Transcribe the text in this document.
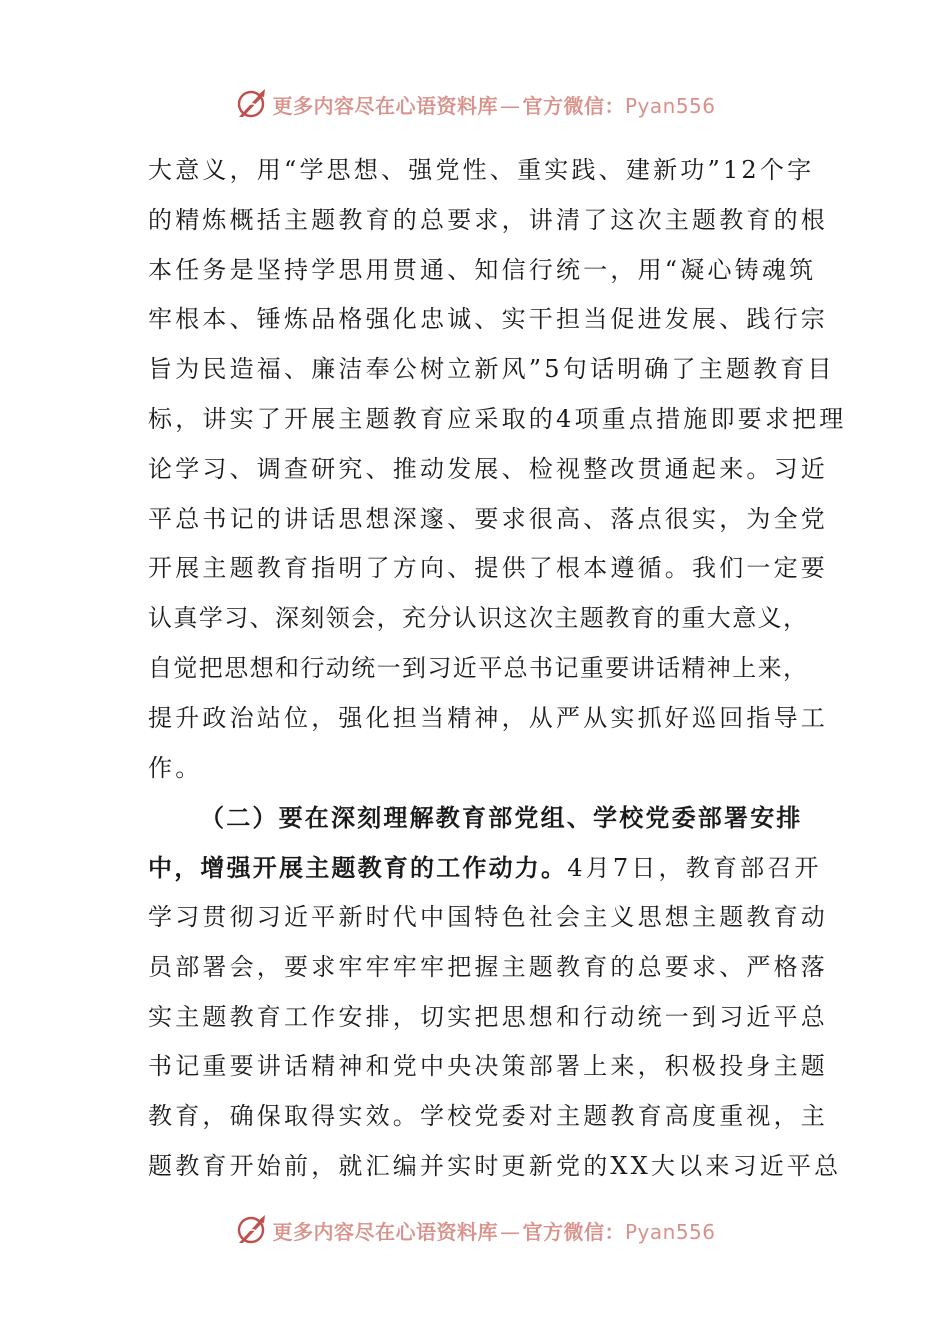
更多内容尽在心语资料库 — 官方微信：Pyan556
大意义，用“学思想、强党性、重实践、建新功”12个字
的精炼概括主题教育的总要求，讲清了这次主题教育的根
本任务是坚持学思用贯通、知信行统一，用“凝心铸魂筑
牢根本、锤炼品格强化忠诚、实干担当促进发展、践行宗
旨为民造福、廉洁奉公树立新风”5句话明确了主题教育目
标，讲实了开展主题教育应采取的4项重点措施即要求把理
论学习、调查研究、推动发展、检视整改贯通起来。习近
平总书记的讲话思想深邃、要求很高、落点很实，为全党
开展主题教育指明了方向、提供了根本遵循。我们一定要
认真学习、深刻领会，充分认识这次主题教育的重大意义，
自觉把思想和行动统一到习近平总书记重要讲话精神上来，
提升政治站位，强化担当精神，从严从实抓好巡回指导工
作。
（二）要在深刻理解教育部党组、学校党委部署安排
中，增强开展主题教育的工作动力。4月7日，教育部召开
学习贯彻习近平新时代中国特色社会主义思想主题教育动
员部署会，要求牢牢牢牢把握主题教育的总要求、严格落
实主题教育工作安排，切实把思想和行动统一到习近平总
书记重要讲话精神和党中央决策部署上来，积极投身主题
教育，确保取得实效。学校党委对主题教育高度重视，主
题教育开始前，就汇编并实时更新党的XX大以来习近平总
更多内容尽在心语资料库 — 官方微信：Pyan556
